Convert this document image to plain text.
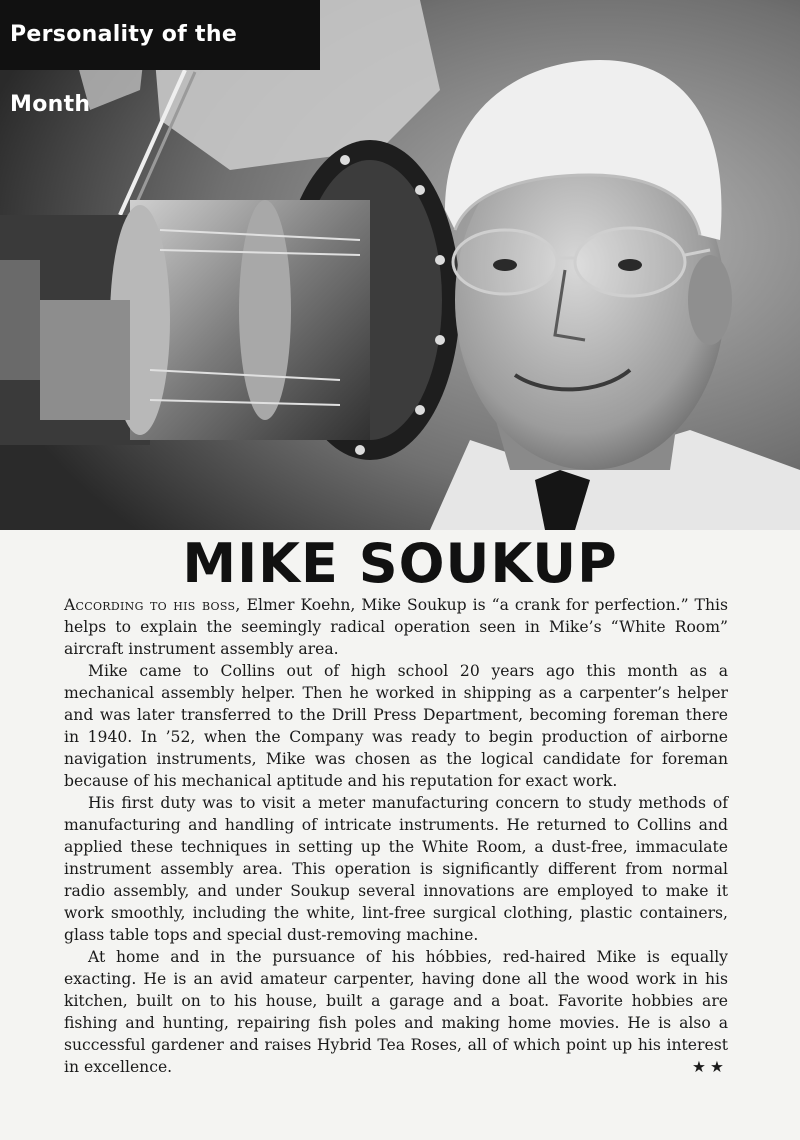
Personality of the Month
MIKE SOUKUP

According to his boss, Elmer Koehn, Mike Soukup is “a crank for perfection.” This helps to explain the seemingly radical operation seen in Mike’s “White Room” aircraft instrument assembly area.

Mike came to Collins out of high school 20 years ago this month as a mechanical assembly helper. Then he worked in shipping as a carpenter’s helper and was later transferred to the Drill Press Department, becoming foreman there in 1940. In ’52, when the Company was ready to begin production of airborne navigation instruments, Mike was chosen as the logical candidate for foreman because of his mechanical aptitude and his reputation for exact work.

His first duty was to visit a meter manufacturing concern to study methods of manufacturing and handling of intricate instruments. He returned to Collins and applied these techniques in setting up the White Room, a dust-free, immaculate instrument assembly area. This operation is significantly different from normal radio assembly, and under Soukup several innovations are employed to make it work smoothly, including the white, lint-free surgical clothing, plastic containers, glass table tops and special dust-removing machine.

At home and in the pursuance of his hóbbies, red-haired Mike is equally exacting. He is an avid amateur carpenter, having done all the wood work in his kitchen, built on to his house, built a garage and a boat. Favorite hobbies are fishing and hunting, repairing fish poles and making home movies. He is also a successful gardener and raises Hybrid Tea Roses, all of which point up his interest in excellence.	★★
